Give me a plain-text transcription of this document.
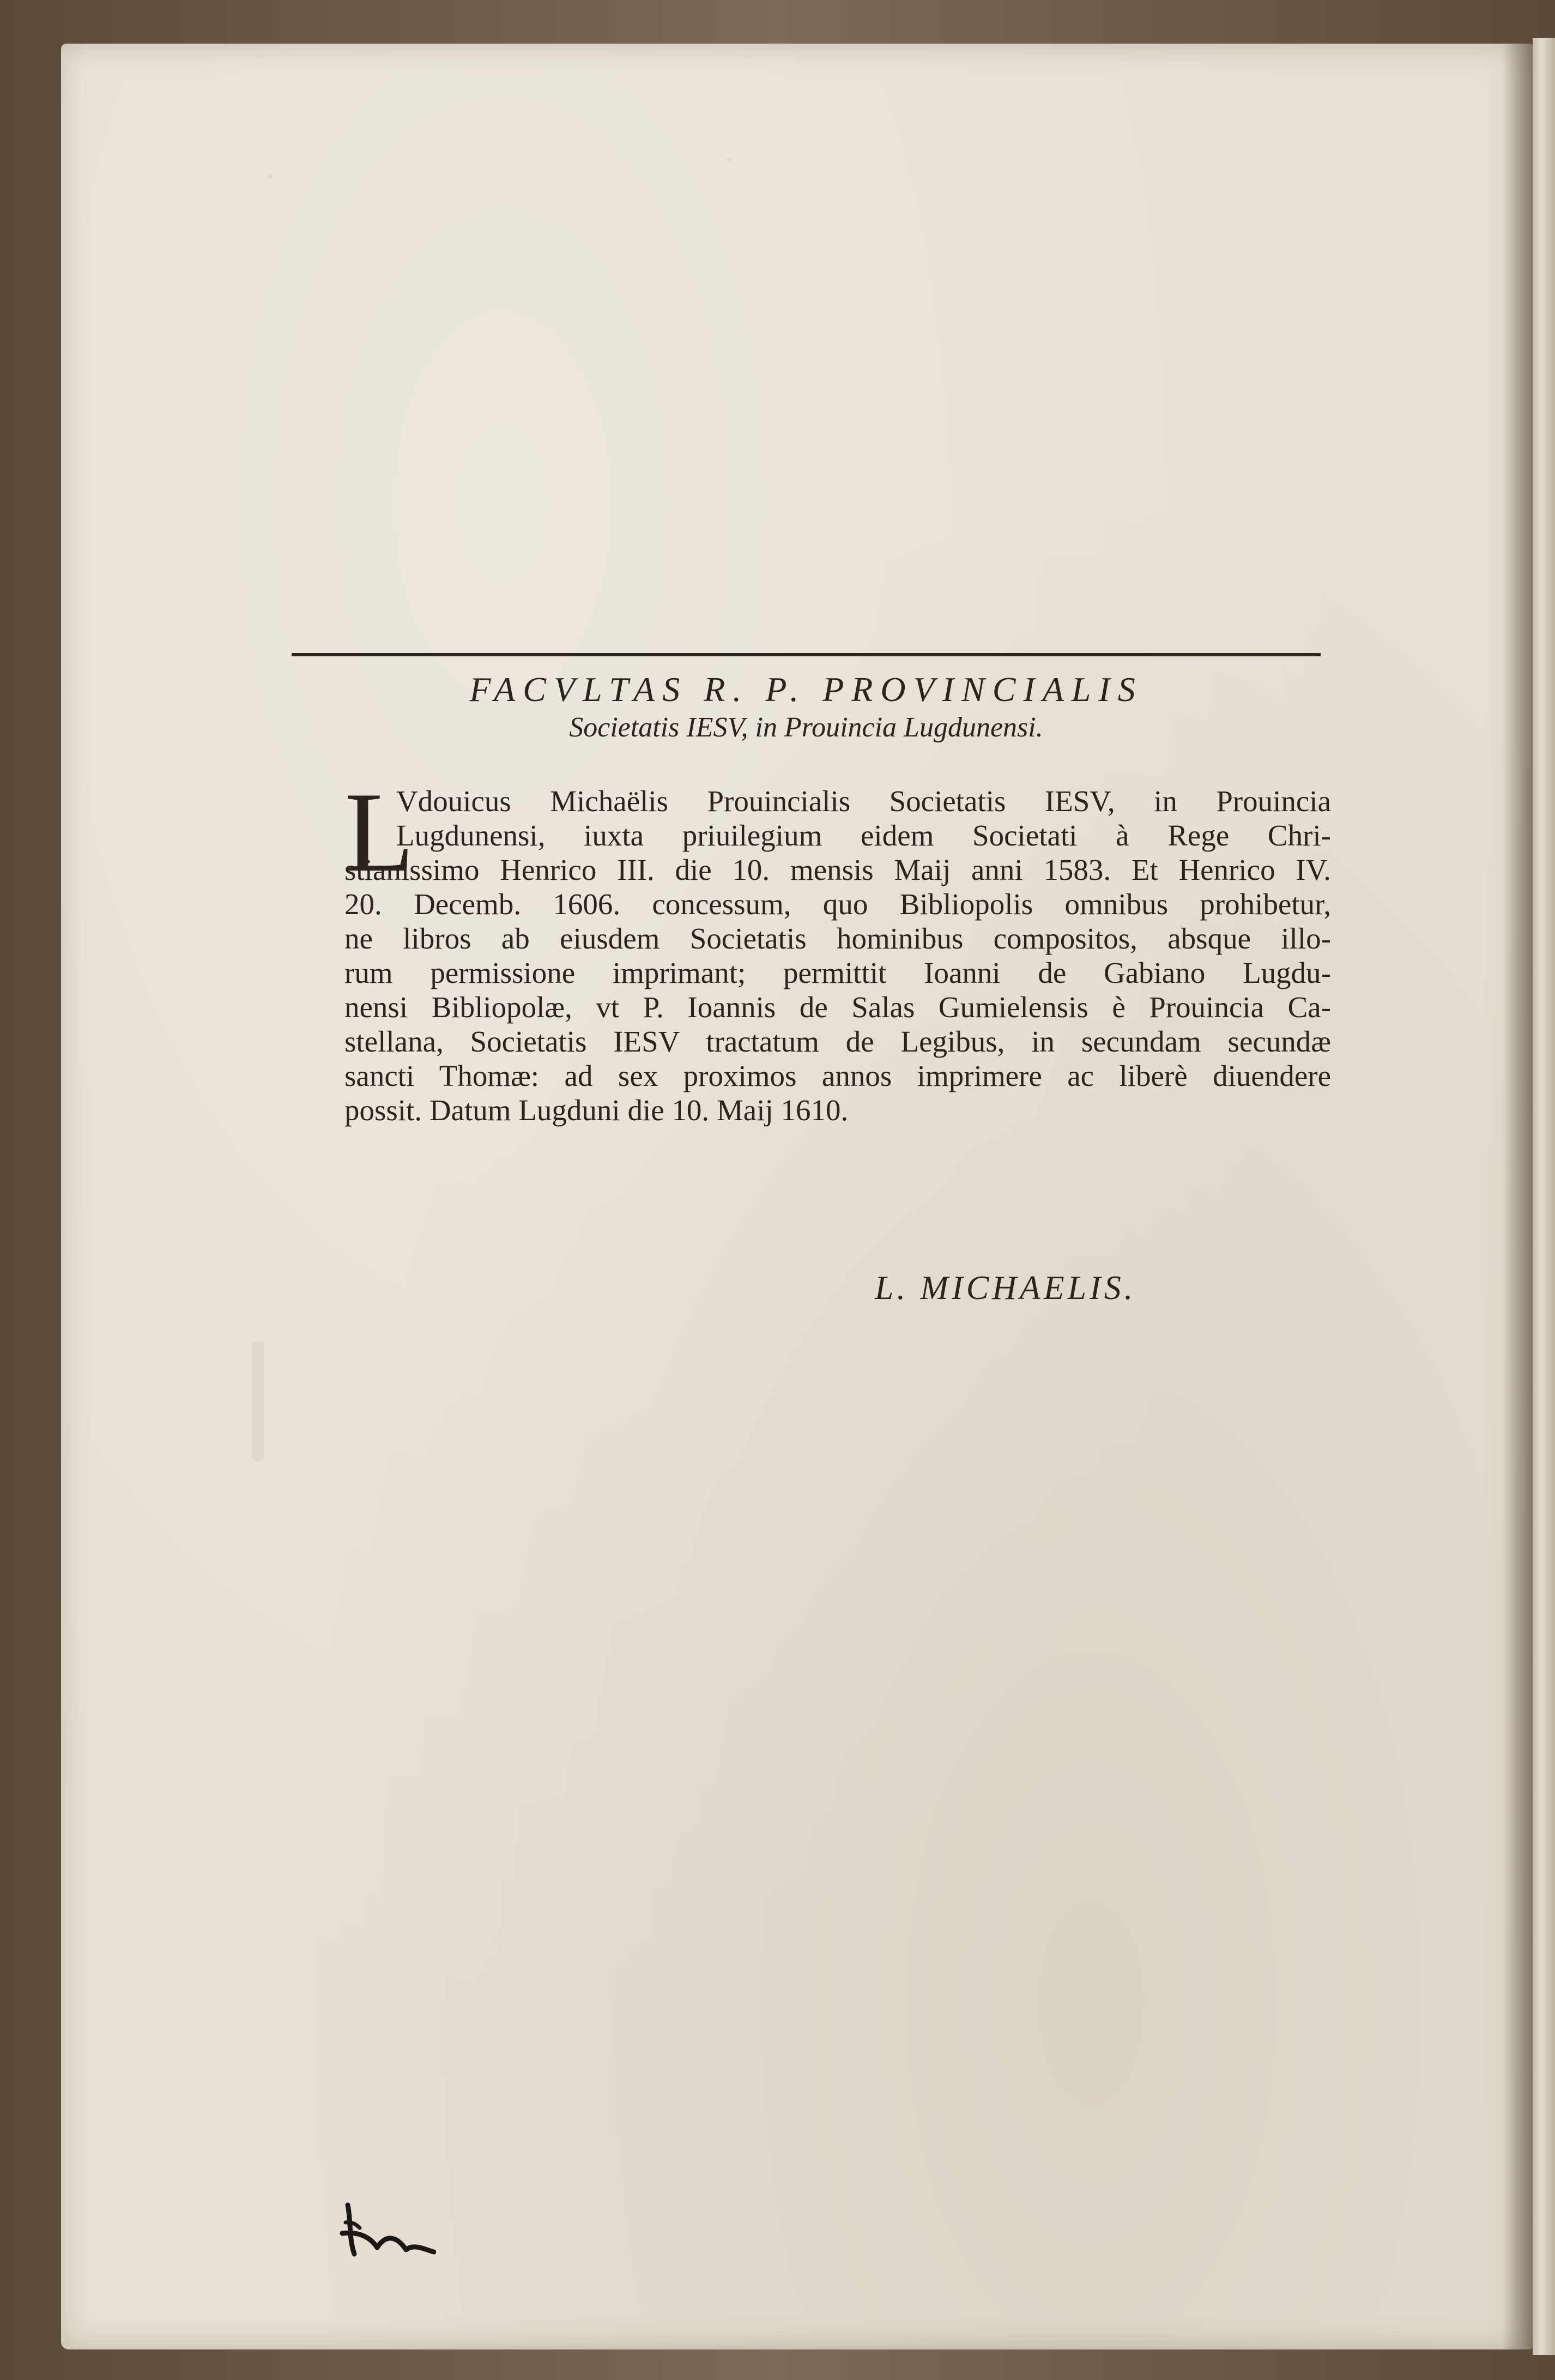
FACVLTAS R. P. PROVINCIALIS
Societatis IESV, in Prouincia Lugdunensi.
L
Vdouicus Michaëlis Prouincialis Societatis IESV, in Prouincia
Lugdunensi, iuxta priuilegium eidem Societati à Rege Chri-
stianissimo Henrico III. die 10. mensis Maij anni 1583. Et Henrico IV.
20. Decemb. 1606. concessum, quo Bibliopolis omnibus prohibetur,
ne libros ab eiusdem Societatis hominibus compositos, absque illo-
rum permissione imprimant; permittit Ioanni de Gabiano Lugdu-
nensi Bibliopolæ, vt P. Ioannis de Salas Gumielensis è Prouincia Ca-
stellana, Societatis IESV tractatum de Legibus, in secundam secundæ
sancti Thomæ: ad sex proximos annos imprimere ac liberè diuendere
possit. Datum Lugduni die 10. Maij 1610.
L. MICHAELIS.
